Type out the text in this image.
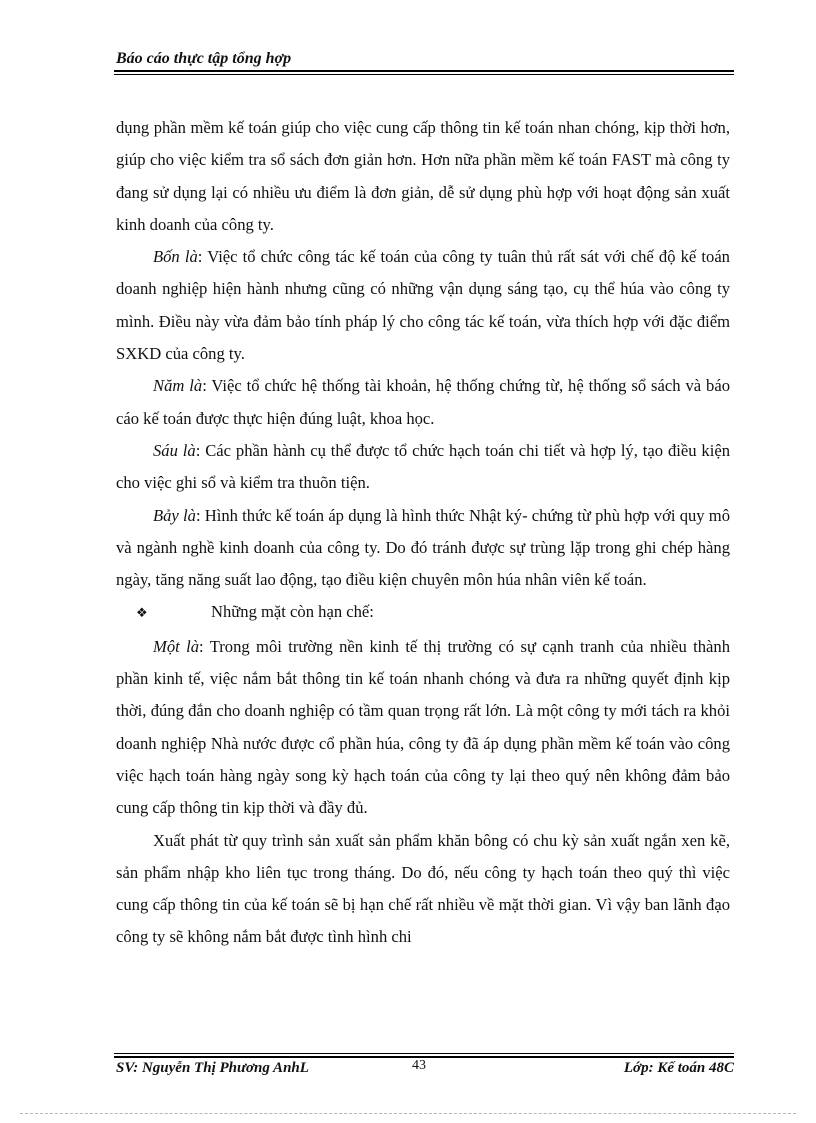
Báo cáo thực tập tổng hợp

dụng phần mềm kế toán giúp cho việc cung cấp thông tin kế toán nhan chóng, kịp thời hơn, giúp cho việc kiểm tra sổ sách đơn giản hơn. Hơn nữa phần mềm kế toán FAST mà công ty đang sử dụng lại có nhiều ưu điểm là đơn giản, dễ sử dụng phù hợp với hoạt động sản xuất kinh doanh của công ty.

Bốn là: Việc tổ chức công tác kế toán của công ty tuân thủ rất sát với chế độ kế toán doanh nghiệp hiện hành nhưng cũng có những vận dụng sáng tạo, cụ thể húa vào công ty mình. Điều này vừa đảm bảo tính pháp lý cho công tác kế toán, vừa thích hợp với đặc điểm SXKD của công ty.

Năm là: Việc tổ chức hệ thống tài khoản, hệ thống chứng từ, hệ thống sổ sách và báo cáo kế toán được thực hiện đúng luật, khoa học.

Sáu là: Các phần hành cụ thể được tổ chức hạch toán chi tiết và hợp lý, tạo điều kiện cho việc ghi sổ và kiểm tra thuõn tiện.

Bảy là: Hình thức kế toán áp dụng là hình thức Nhật ký- chứng từ phù hợp với quy mô và ngành nghề kinh doanh của công ty. Do đó tránh được sự trùng lặp trong ghi chép hàng ngày, tăng năng suất lao động, tạo điều kiện chuyên môn húa nhân viên kế toán.

❖	Những mặt còn hạn chế:

Một là: Trong môi trường nền kinh tế thị trường có sự cạnh tranh của nhiều thành phần kinh tế, việc nắm bắt thông tin kế toán nhanh chóng và đưa ra những quyết định kịp thời, đúng đắn cho doanh nghiệp có tầm quan trọng rất lớn. Là một công ty mới tách ra khỏi doanh nghiệp Nhà nước được cổ phần húa, công ty đã áp dụng phần mềm kế toán vào công việc hạch toán hàng ngày song kỳ hạch toán của công ty lại theo quý nên không đảm bảo cung cấp thông tin kịp thời và đầy đủ.

Xuất phát từ quy trình sản xuất sản phẩm khăn bông có chu kỳ sản xuất ngắn xen kẽ, sản phẩm nhập kho liên tục trong tháng. Do đó, nếu công ty hạch toán theo quý thì việc cung cấp thông tin của kế toán sẽ bị hạn chế rất nhiều về mặt thời gian. Vì vậy ban lãnh đạo công ty sẽ không nắm bắt được tình hình chi

SV: Nguyễn Thị Phương AnhL	43	Lớp: Kế toán 48C
